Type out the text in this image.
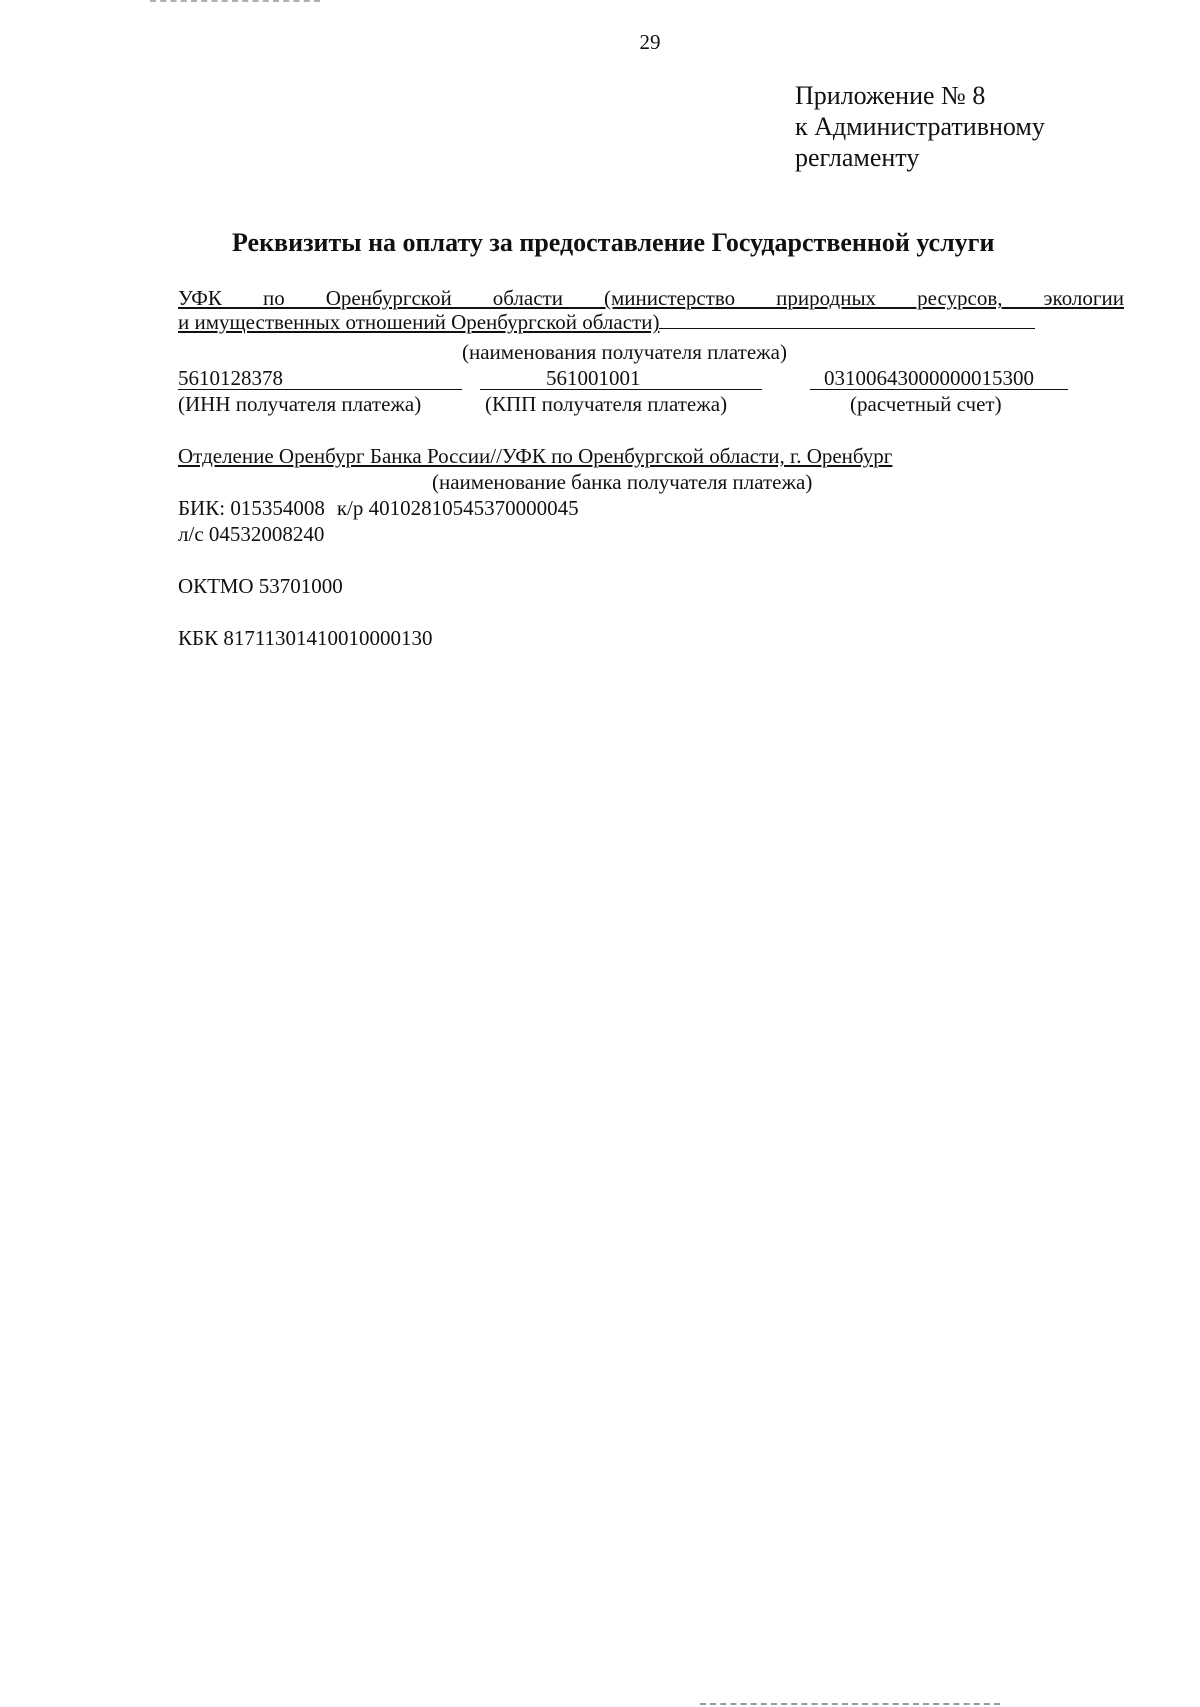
29
Приложение № 8
к Административному
регламенту
Реквизиты на оплату за предоставление Государственной услуги
УФК по Оренбургской области (министерство природных ресурсов, экологии
и имущественных отношений Оренбургской области)
(наименования получателя платежа)
5610128378	561001001	03100643000000015300
(ИНН получателя платежа)	(КПП получателя платежа)	(расчетный счет)
Отделение Оренбург Банка России//УФК по Оренбургской области, г. Оренбург
(наименование банка получателя платежа)
БИК: 015354008 к/р 40102810545370000045
л/с 04532008240
ОКТМО 53701000
КБК 81711301410010000130
